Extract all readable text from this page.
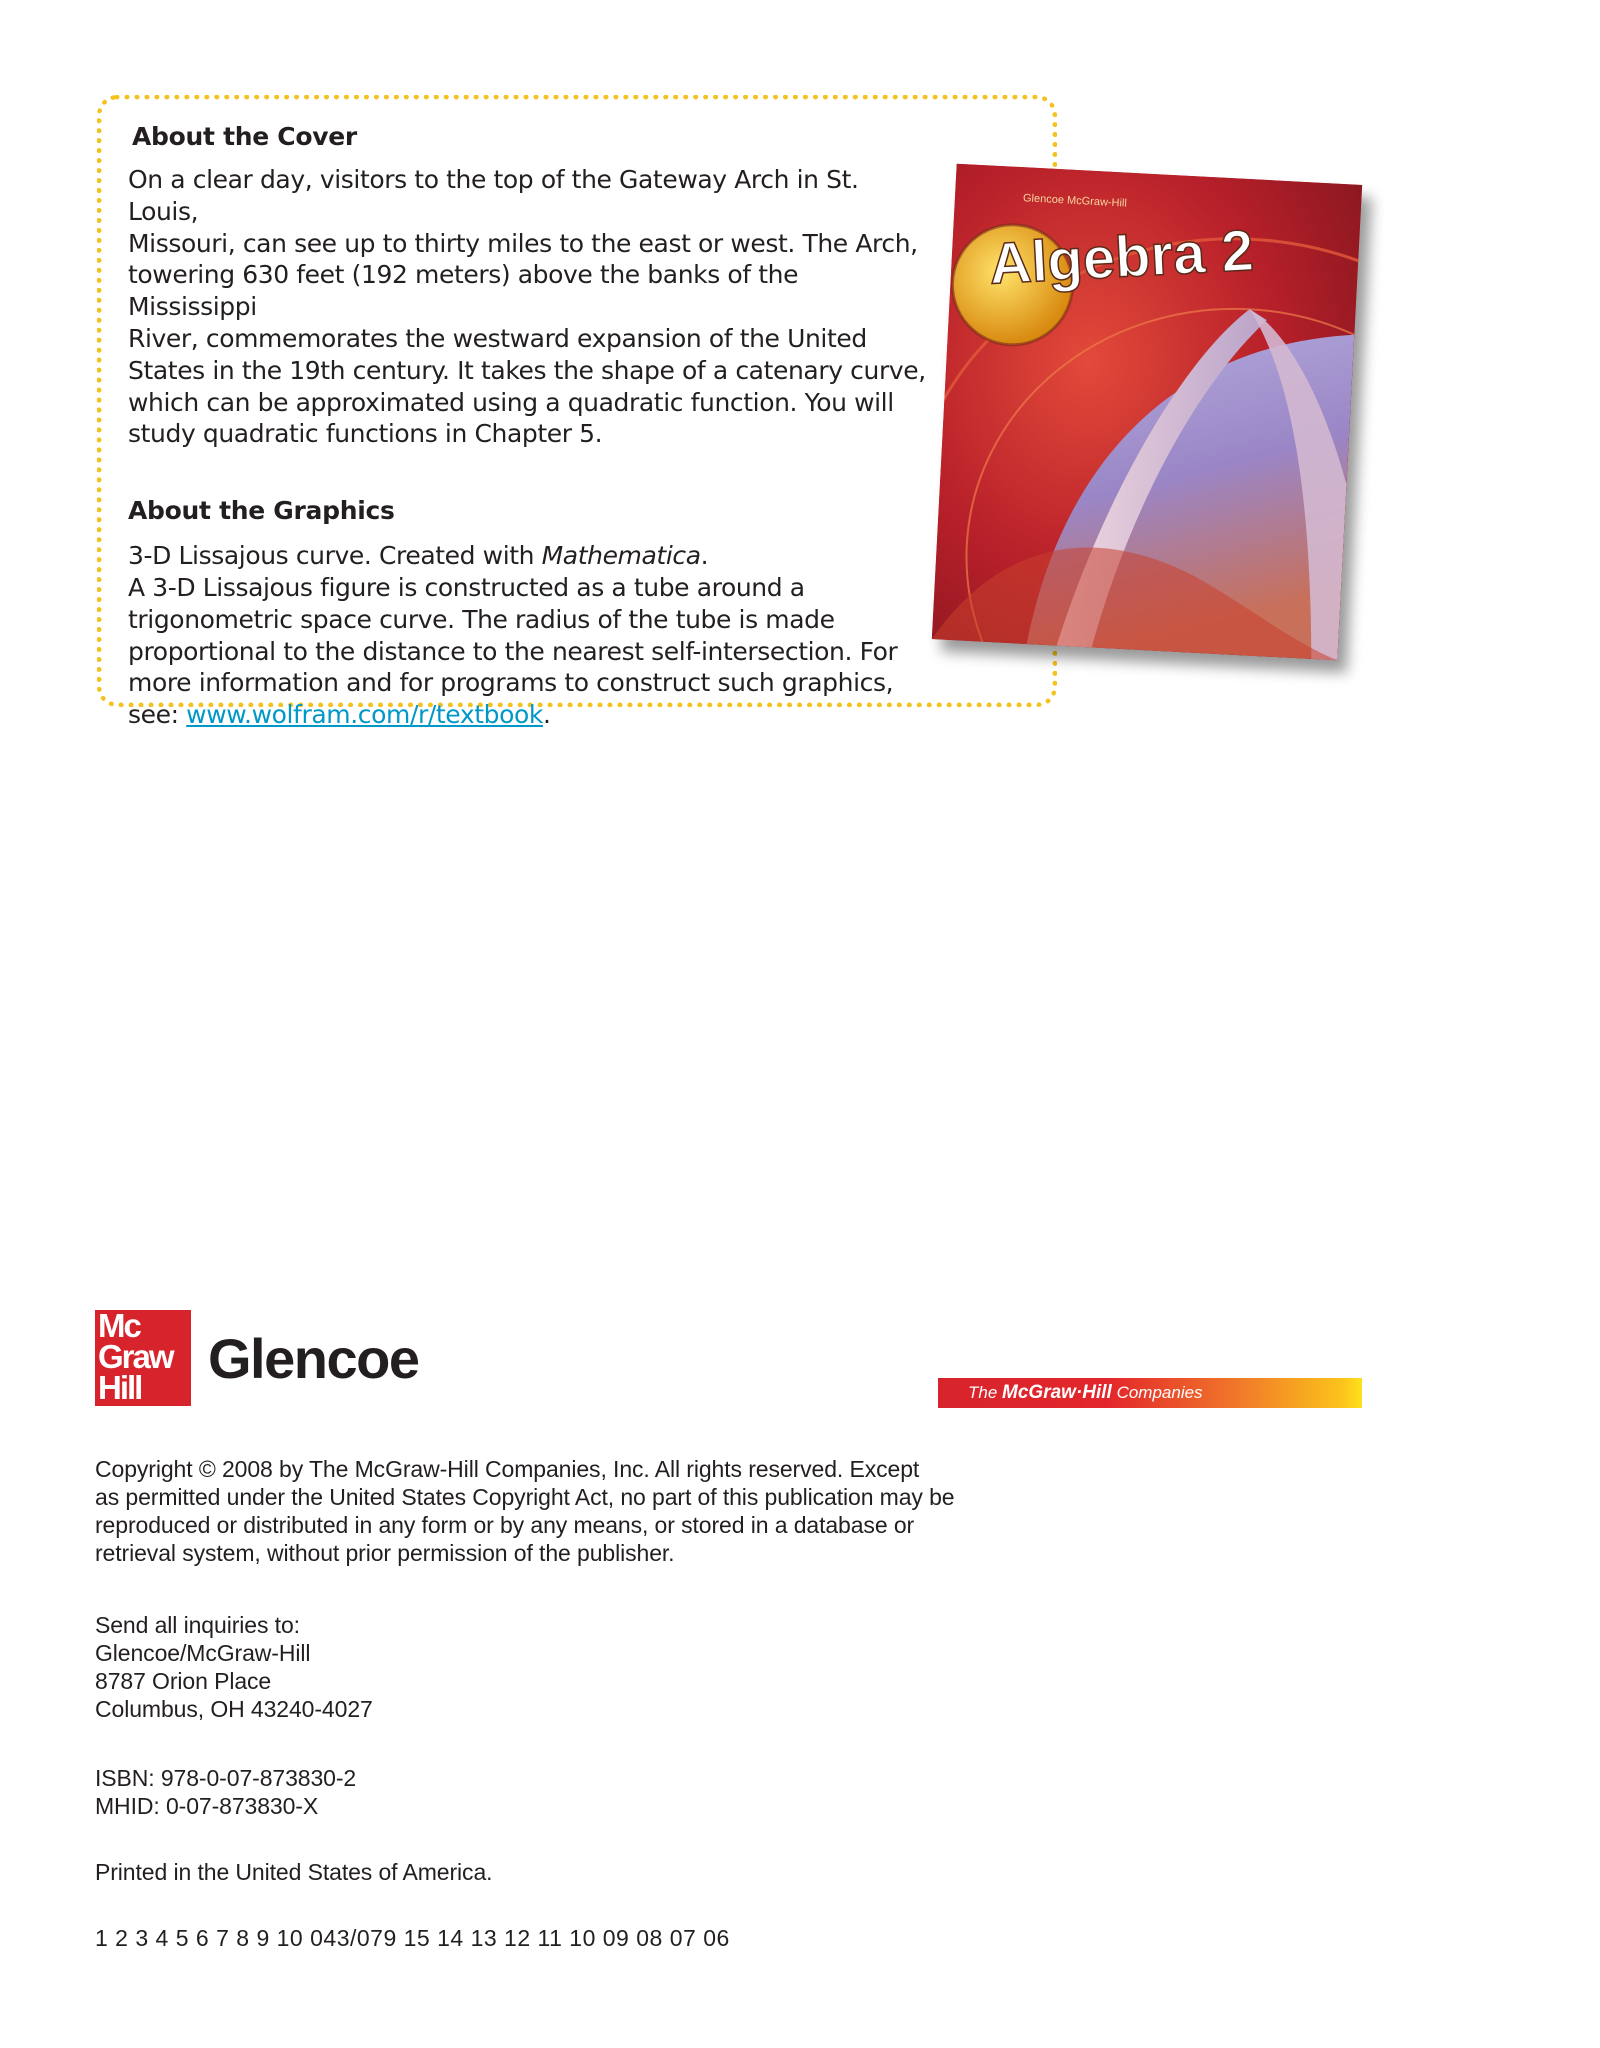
About the Cover

On a clear day, visitors to the top of the Gateway Arch in St. Louis,
Missouri, can see up to thirty miles to the east or west. The Arch,
towering 630 feet (192 meters) above the banks of the Mississippi
River, commemorates the westward expansion of the United
States in the 19th century. It takes the shape of a catenary curve,
which can be approximated using a quadratic function. You will
study quadratic functions in Chapter 5.

About the Graphics

3-D Lissajous curve. Created with Mathematica.
A 3-D Lissajous figure is constructed as a tube around a
trigonometric space curve. The radius of the tube is made
proportional to the distance to the nearest self-intersection. For
more information and for programs to construct such graphics,
see: www.wolfram.com/r/textbook.

Glencoe McGraw-Hill
Algebra 2
Mc
Graw
Hill Glencoe
The McGraw·Hill Companies
Copyright © 2008 by The McGraw-Hill Companies, Inc. All rights reserved. Except
as permitted under the United States Copyright Act, no part of this publication may be
reproduced or distributed in any form or by any means, or stored in a database or
retrieval system, without prior permission of the publisher.
Send all inquiries to:
Glencoe/McGraw-Hill
8787 Orion Place
Columbus, OH 43240-4027
ISBN: 978-0-07-873830-2
MHID: 0-07-873830-X
Printed in the United States of America.
1 2 3 4 5 6 7 8 9 10 043/079 15 14 13 12 11 10 09 08 07 06
